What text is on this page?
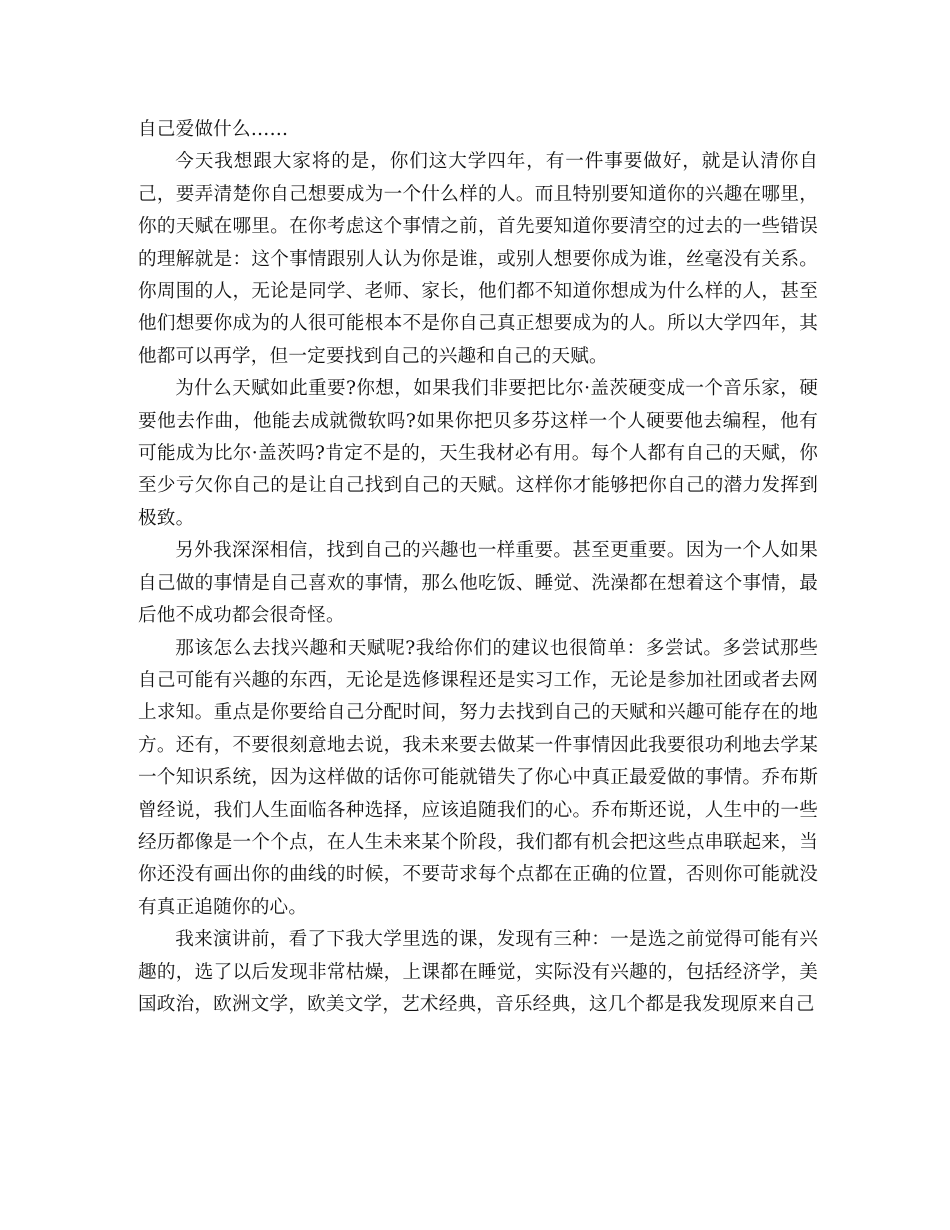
自己爱做什么……

今天我想跟大家将的是，你们这大学四年，有一件事要做好，就是认清你自己，要弄清楚你自己想要成为一个什么样的人。而且特别要知道你的兴趣在哪里，你的天赋在哪里。在你考虑这个事情之前，首先要知道你要清空的过去的一些错误的理解就是：这个事情跟别人认为你是谁，或别人想要你成为谁，丝毫没有关系。你周围的人，无论是同学、老师、家长，他们都不知道你想成为什么样的人，甚至他们想要你成为的人很可能根本不是你自己真正想要成为的人。所以大学四年，其他都可以再学，但一定要找到自己的兴趣和自己的天赋。

为什么天赋如此重要?你想，如果我们非要把比尔·盖茨硬变成一个音乐家，硬要他去作曲，他能去成就微软吗?如果你把贝多芬这样一个人硬要他去编程，他有可能成为比尔·盖茨吗?肯定不是的，天生我材必有用。每个人都有自己的天赋，你至少亏欠你自己的是让自己找到自己的天赋。这样你才能够把你自己的潜力发挥到极致。

另外我深深相信，找到自己的兴趣也一样重要。甚至更重要。因为一个人如果自己做的事情是自己喜欢的事情，那么他吃饭、睡觉、洗澡都在想着这个事情，最后他不成功都会很奇怪。

那该怎么去找兴趣和天赋呢?我给你们的建议也很简单：多尝试。多尝试那些自己可能有兴趣的东西，无论是选修课程还是实习工作，无论是参加社团或者去网上求知。重点是你要给自己分配时间，努力去找到自己的天赋和兴趣可能存在的地方。还有，不要很刻意地去说，我未来要去做某一件事情因此我要很功利地去学某一个知识系统，因为这样做的话你可能就错失了你心中真正最爱做的事情。乔布斯曾经说，我们人生面临各种选择，应该追随我们的心。乔布斯还说，人生中的一些经历都像是一个个点，在人生未来某个阶段，我们都有机会把这些点串联起来，当你还没有画出你的曲线的时候，不要苛求每个点都在正确的位置，否则你可能就没有真正追随你的心。

我来演讲前，看了下我大学里选的课，发现有三种：一是选之前觉得可能有兴趣的，选了以后发现非常枯燥，上课都在睡觉，实际没有兴趣的，包括经济学，美国政治，欧洲文学，欧美文学，艺术经典，音乐经典，这几个都是我发现原来自己
